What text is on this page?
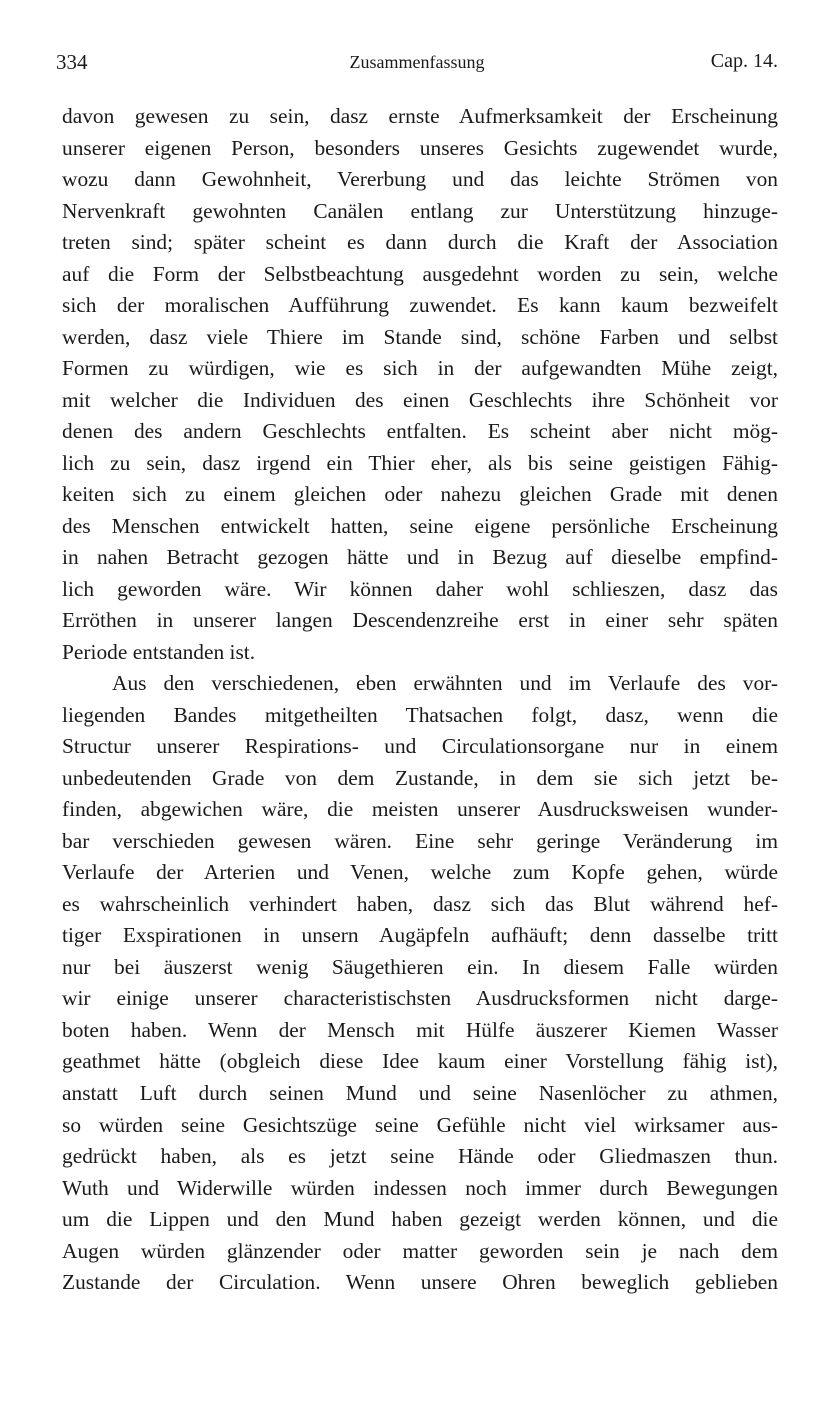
334	Zusammenfassung	Cap. 14.
davon gewesen zu sein, dasz ernste Aufmerksamkeit der Erscheinung
unserer eigenen Person, besonders unseres Gesichts zugewendet wurde,
wozu dann Gewohnheit, Vererbung und das leichte Strömen von
Nervenkraft gewohnten Canälen entlang zur Unterstützung hinzuge-
treten sind; später scheint es dann durch die Kraft der Association
auf die Form der Selbstbeachtung ausgedehnt worden zu sein, welche
sich der moralischen Aufführung zuwendet. Es kann kaum bezweifelt
werden, dasz viele Thiere im Stande sind, schöne Farben und selbst
Formen zu würdigen, wie es sich in der aufgewandten Mühe zeigt,
mit welcher die Individuen des einen Geschlechts ihre Schönheit vor
denen des andern Geschlechts entfalten. Es scheint aber nicht mög-
lich zu sein, dasz irgend ein Thier eher, als bis seine geistigen Fähig-
keiten sich zu einem gleichen oder nahezu gleichen Grade mit denen
des Menschen entwickelt hatten, seine eigene persönliche Erscheinung
in nahen Betracht gezogen hätte und in Bezug auf dieselbe empfind-
lich geworden wäre. Wir können daher wohl schlieszen, dasz das
Erröthen in unserer langen Descendenzreihe erst in einer sehr späten
Periode entstanden ist.
Aus den verschiedenen, eben erwähnten und im Verlaufe des vor-
liegenden Bandes mitgetheilten Thatsachen folgt, dasz, wenn die
Structur unserer Respirations- und Circulationsorgane nur in einem
unbedeutenden Grade von dem Zustande, in dem sie sich jetzt be-
finden, abgewichen wäre, die meisten unserer Ausdrucksweisen wunder-
bar verschieden gewesen wären. Eine sehr geringe Veränderung im
Verlaufe der Arterien und Venen, welche zum Kopfe gehen, würde
es wahrscheinlich verhindert haben, dasz sich das Blut während hef-
tiger Exspirationen in unsern Augäpfeln aufhäuft; denn dasselbe tritt
nur bei äuszerst wenig Säugethieren ein. In diesem Falle würden
wir einige unserer characteristischsten Ausdrucksformen nicht darge-
boten haben. Wenn der Mensch mit Hülfe äuszerer Kiemen Wasser
geathmet hätte (obgleich diese Idee kaum einer Vorstellung fähig ist),
anstatt Luft durch seinen Mund und seine Nasenlöcher zu athmen,
so würden seine Gesichtszüge seine Gefühle nicht viel wirksamer aus-
gedrückt haben, als es jetzt seine Hände oder Gliedmaszen thun.
Wuth und Widerwille würden indessen noch immer durch Bewegungen
um die Lippen und den Mund haben gezeigt werden können, und die
Augen würden glänzender oder matter geworden sein je nach dem
Zustande der Circulation. Wenn unsere Ohren beweglich geblieben
